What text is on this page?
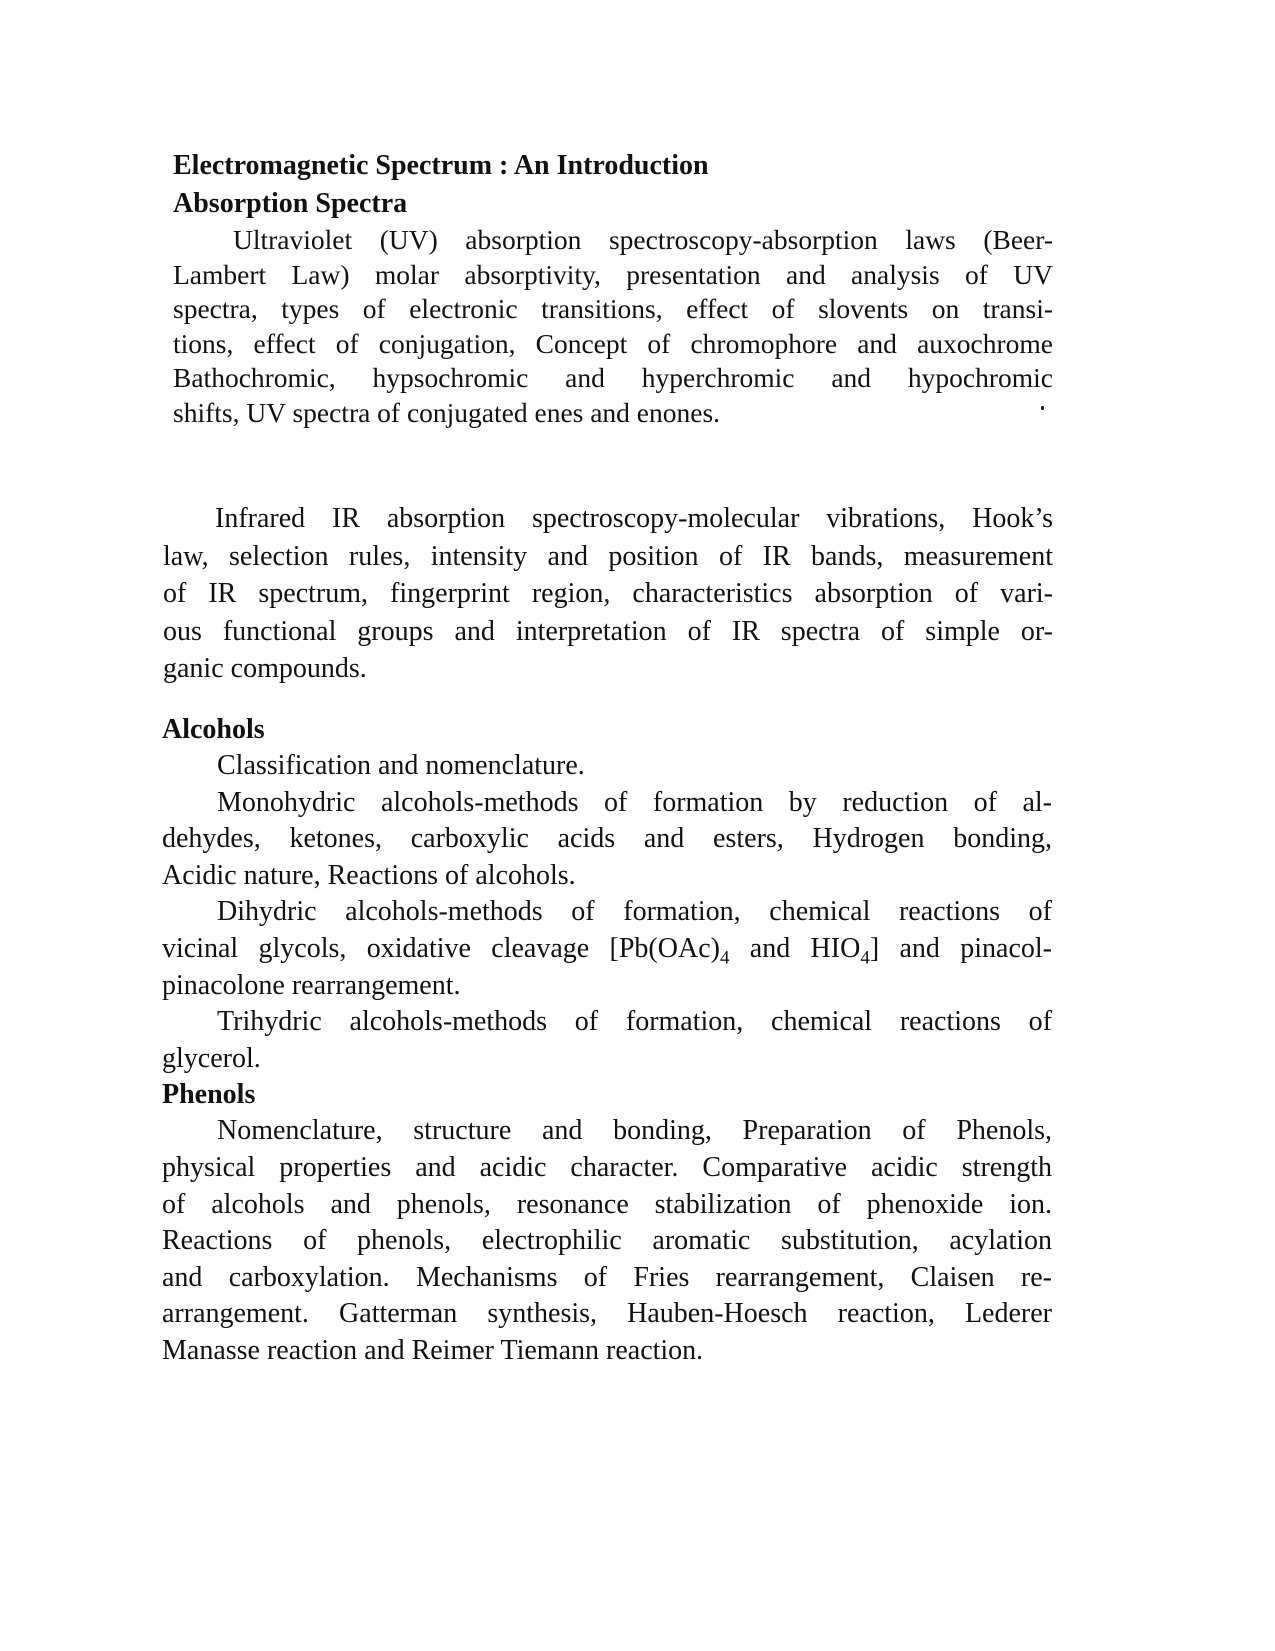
Electromagnetic Spectrum : An Introduction
Absorption Spectra
Ultraviolet (UV) absorption spectroscopy-absorption laws (Beer-
Lambert Law) molar absorptivity, presentation and analysis of UV
spectra, types of electronic transitions, effect of slovents on transi-
tions, effect of conjugation, Concept of chromophore and auxochrome
Bathochromic, hypsochromic and hyperchromic and hypochromic
shifts, UV spectra of conjugated enes and enones.
Infrared IR absorption spectroscopy-molecular vibrations, Hook’s
law, selection rules, intensity and position of IR bands, measurement
of IR spectrum, fingerprint region, characteristics absorption of vari-
ous functional groups and interpretation of IR spectra of simple or-
ganic compounds.
Alcohols
Classification and nomenclature.
Monohydric alcohols-methods of formation by reduction of al-
dehydes, ketones, carboxylic acids and esters, Hydrogen bonding,
Acidic nature, Reactions of alcohols.
Dihydric alcohols-methods of formation, chemical reactions of
vicinal glycols, oxidative cleavage [$Pb(OAc)_4$ and $HIO_4$] and pinacol-
pinacolone rearrangement.
Trihydric alcohols-methods of formation, chemical reactions of
glycerol.
Phenols
Nomenclature, structure and bonding, Preparation of Phenols,
physical properties and acidic character. Comparative acidic strength
of alcohols and phenols, resonance stabilization of phenoxide ion.
Reactions of phenols, electrophilic aromatic substitution, acylation
and carboxylation. Mechanisms of Fries rearrangement, Claisen re-
arrangement. Gatterman synthesis, Hauben-Hoesch reaction, Lederer
Manasse reaction and Reimer Tiemann reaction.
